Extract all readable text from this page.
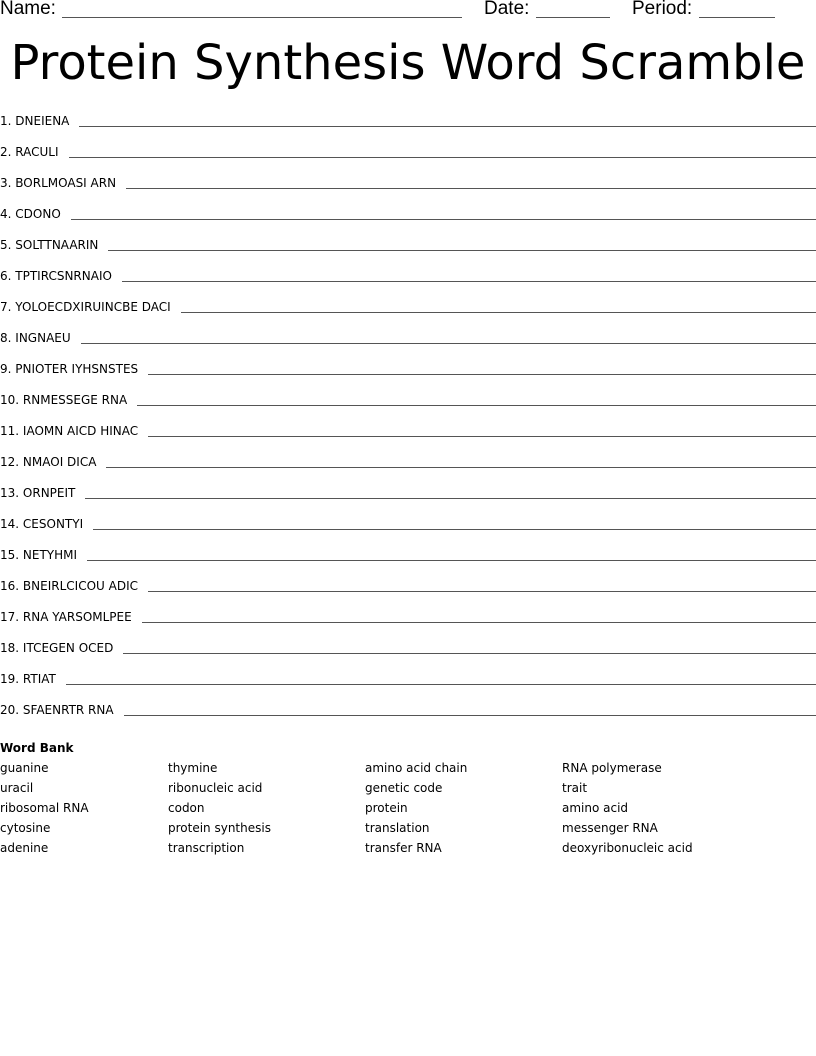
Name:	Date:	Period:
Protein Synthesis Word Scramble
1.
DNEIENA
2.
RACULI
3.
BORLMOASI ARN
4.
CDONO
5.
SOLTTNAARIN
6.
TPTIRCSNRNAIO
7.
YOLOECDXIRUINCBE DACI
8.
INGNAEU
9.
PNIOTER IYHSNSTES
10.
RNMESSEGE RNA
11.
IAOMN AICD HINAC
12.
NMAOI DICA
13.
ORNPEIT
14.
CESONTYI
15.
NETYHMI
16.
BNEIRLCICOU ADIC
17.
RNA YARSOMLPEE
18.
ITCEGEN OCED
19.
RTIAT
20.
SFAENRTR RNA
Word Bank
guanine
uracil
ribosomal RNA
cytosine
adenine
thymine
ribonucleic acid
codon
protein synthesis
transcription
amino acid chain
genetic code
protein
translation
transfer RNA
RNA polymerase
trait
amino acid
messenger RNA
deoxyribonucleic acid
